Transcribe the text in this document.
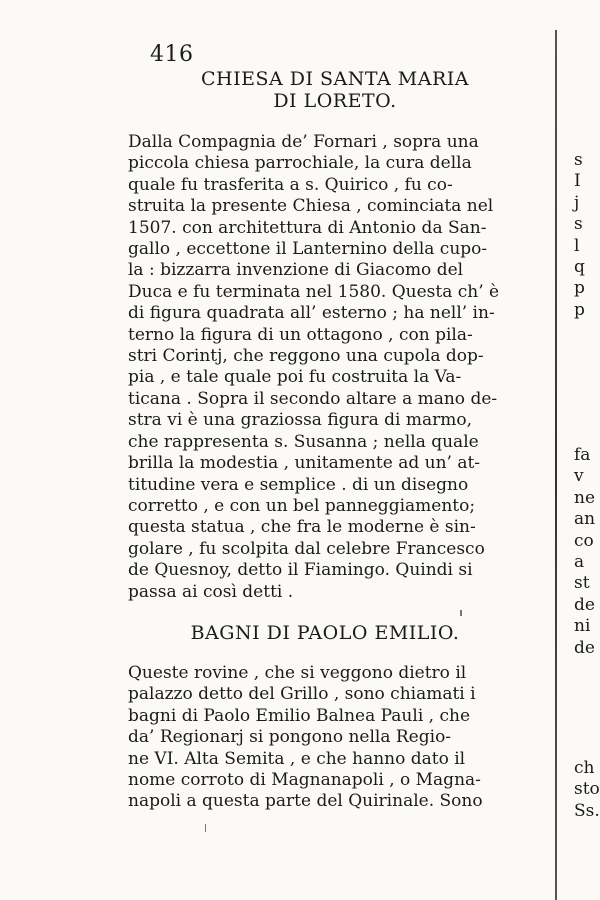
416
CHIESA DI SANTA MARIA
DI LORETO.
Dalla Compagnia de’ Fornari , sopra una
piccola chiesa parrochiale, la cura della
quale fu trasferita a s. Quirico , fu co-
struita la presente Chiesa , cominciata nel
1507. con architettura di Antonio da San-
gallo , eccettone il Lanternino della cupo-
la : bizzarra invenzione di Giacomo del
Duca e fu terminata nel 1580. Questa ch’ è
di figura quadrata all’ esterno ; ha nell’ in-
terno la figura di un ottagono , con pila-
stri Corintj, che reggono una cupola dop-
pia , e tale quale poi fu costruita la Va-
ticana . Sopra il secondo altare a mano de-
stra vi è una graziossa figura di marmo,
che rappresenta s. Susanna ; nella quale
brilla la modestia , unitamente ad un’ at-
titudine vera e semplice . di un disegno
corretto , e con un bel panneggiamento;
questa statua , che fra le moderne è sin-
golare , fu scolpita dal celebre Francesco
de Quesnoy, detto il Fiamingo. Quindi si
passa ai così detti .
BAGNI DI PAOLO EMILIO.
Queste rovine , che si veggono dietro il
palazzo detto del Grillo , sono chiamati i
bagni di Paolo Emilio Balnea Pauli , che
da’ Regionarj si pongono nella Regio-
ne VI. Alta Semita , e che hanno dato il
nome corroto di Magnanapoli , o Magna-
napoli a questa parte del Quirinale. Sono
s
I
j
s
l
q
p
p
fa
v
ne
an
co
a
st
de
ni
de
ch
sto
Ss.
